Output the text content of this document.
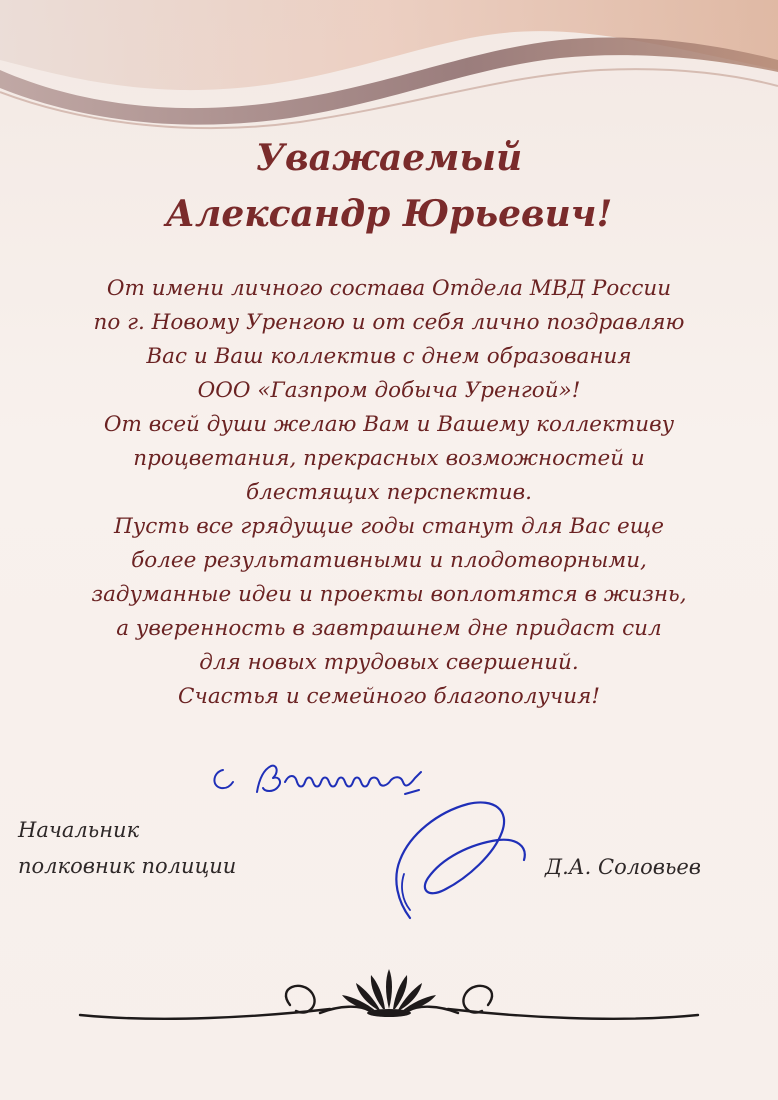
Уважаемый
Александр Юрьевич!
От имени личного состава Отдела МВД России
по г. Новому Уренгою и от себя лично поздравляю
Вас и Ваш коллектив с днем образования
ООО «Газпром добыча Уренгой»!
От всей души желаю Вам и Вашему коллективу
процветания, прекрасных возможностей и
блестящих перспектив.
Пусть все грядущие годы станут для Вас еще
более результативными и плодотворными,
задуманные идеи и проекты воплотятся в жизнь,
а уверенность в завтрашнем дне придаст сил
для новых трудовых свершений.
Счастья и семейного благополучия!
Начальник
полковник полиции	Д.А. Соловьев
